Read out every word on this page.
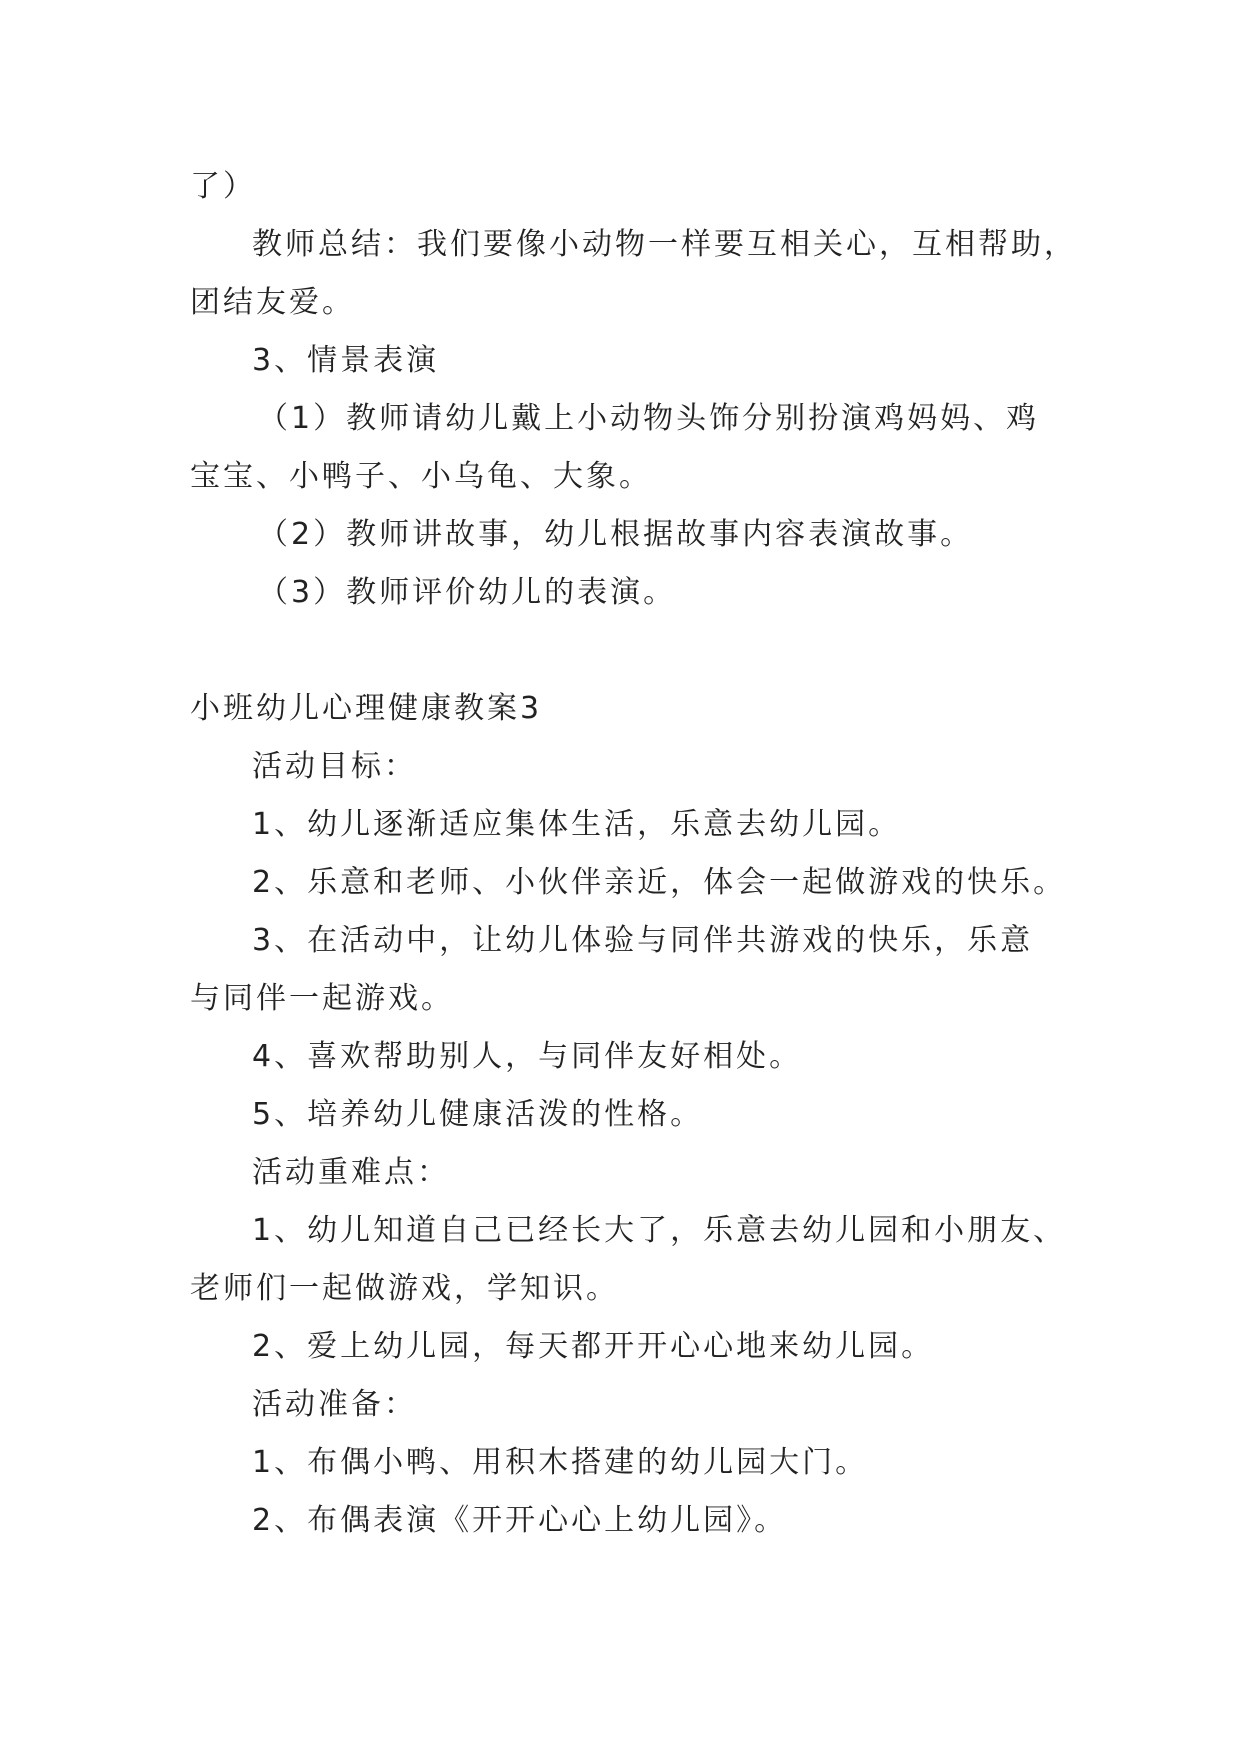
了）

教师总结：我们要像小动物一样要互相关心，互相帮助，

团结友爱。

3、情景表演

（1）教师请幼儿戴上小动物头饰分别扮演鸡妈妈、鸡

宝宝、小鸭子、小乌龟、大象。

（2）教师讲故事，幼儿根据故事内容表演故事。

（3）教师评价幼儿的表演。

小班幼儿心理健康教案3

活动目标：

1、幼儿逐渐适应集体生活，乐意去幼儿园。

2、乐意和老师、小伙伴亲近，体会一起做游戏的快乐。

3、在活动中，让幼儿体验与同伴共游戏的快乐，乐意

与同伴一起游戏。

4、喜欢帮助别人，与同伴友好相处。

5、培养幼儿健康活泼的性格。

活动重难点：

1、幼儿知道自己已经长大了，乐意去幼儿园和小朋友、

老师们一起做游戏，学知识。

2、爱上幼儿园，每天都开开心心地来幼儿园。

活动准备：

1、布偶小鸭、用积木搭建的幼儿园大门。

2、布偶表演《开开心心上幼儿园》。
